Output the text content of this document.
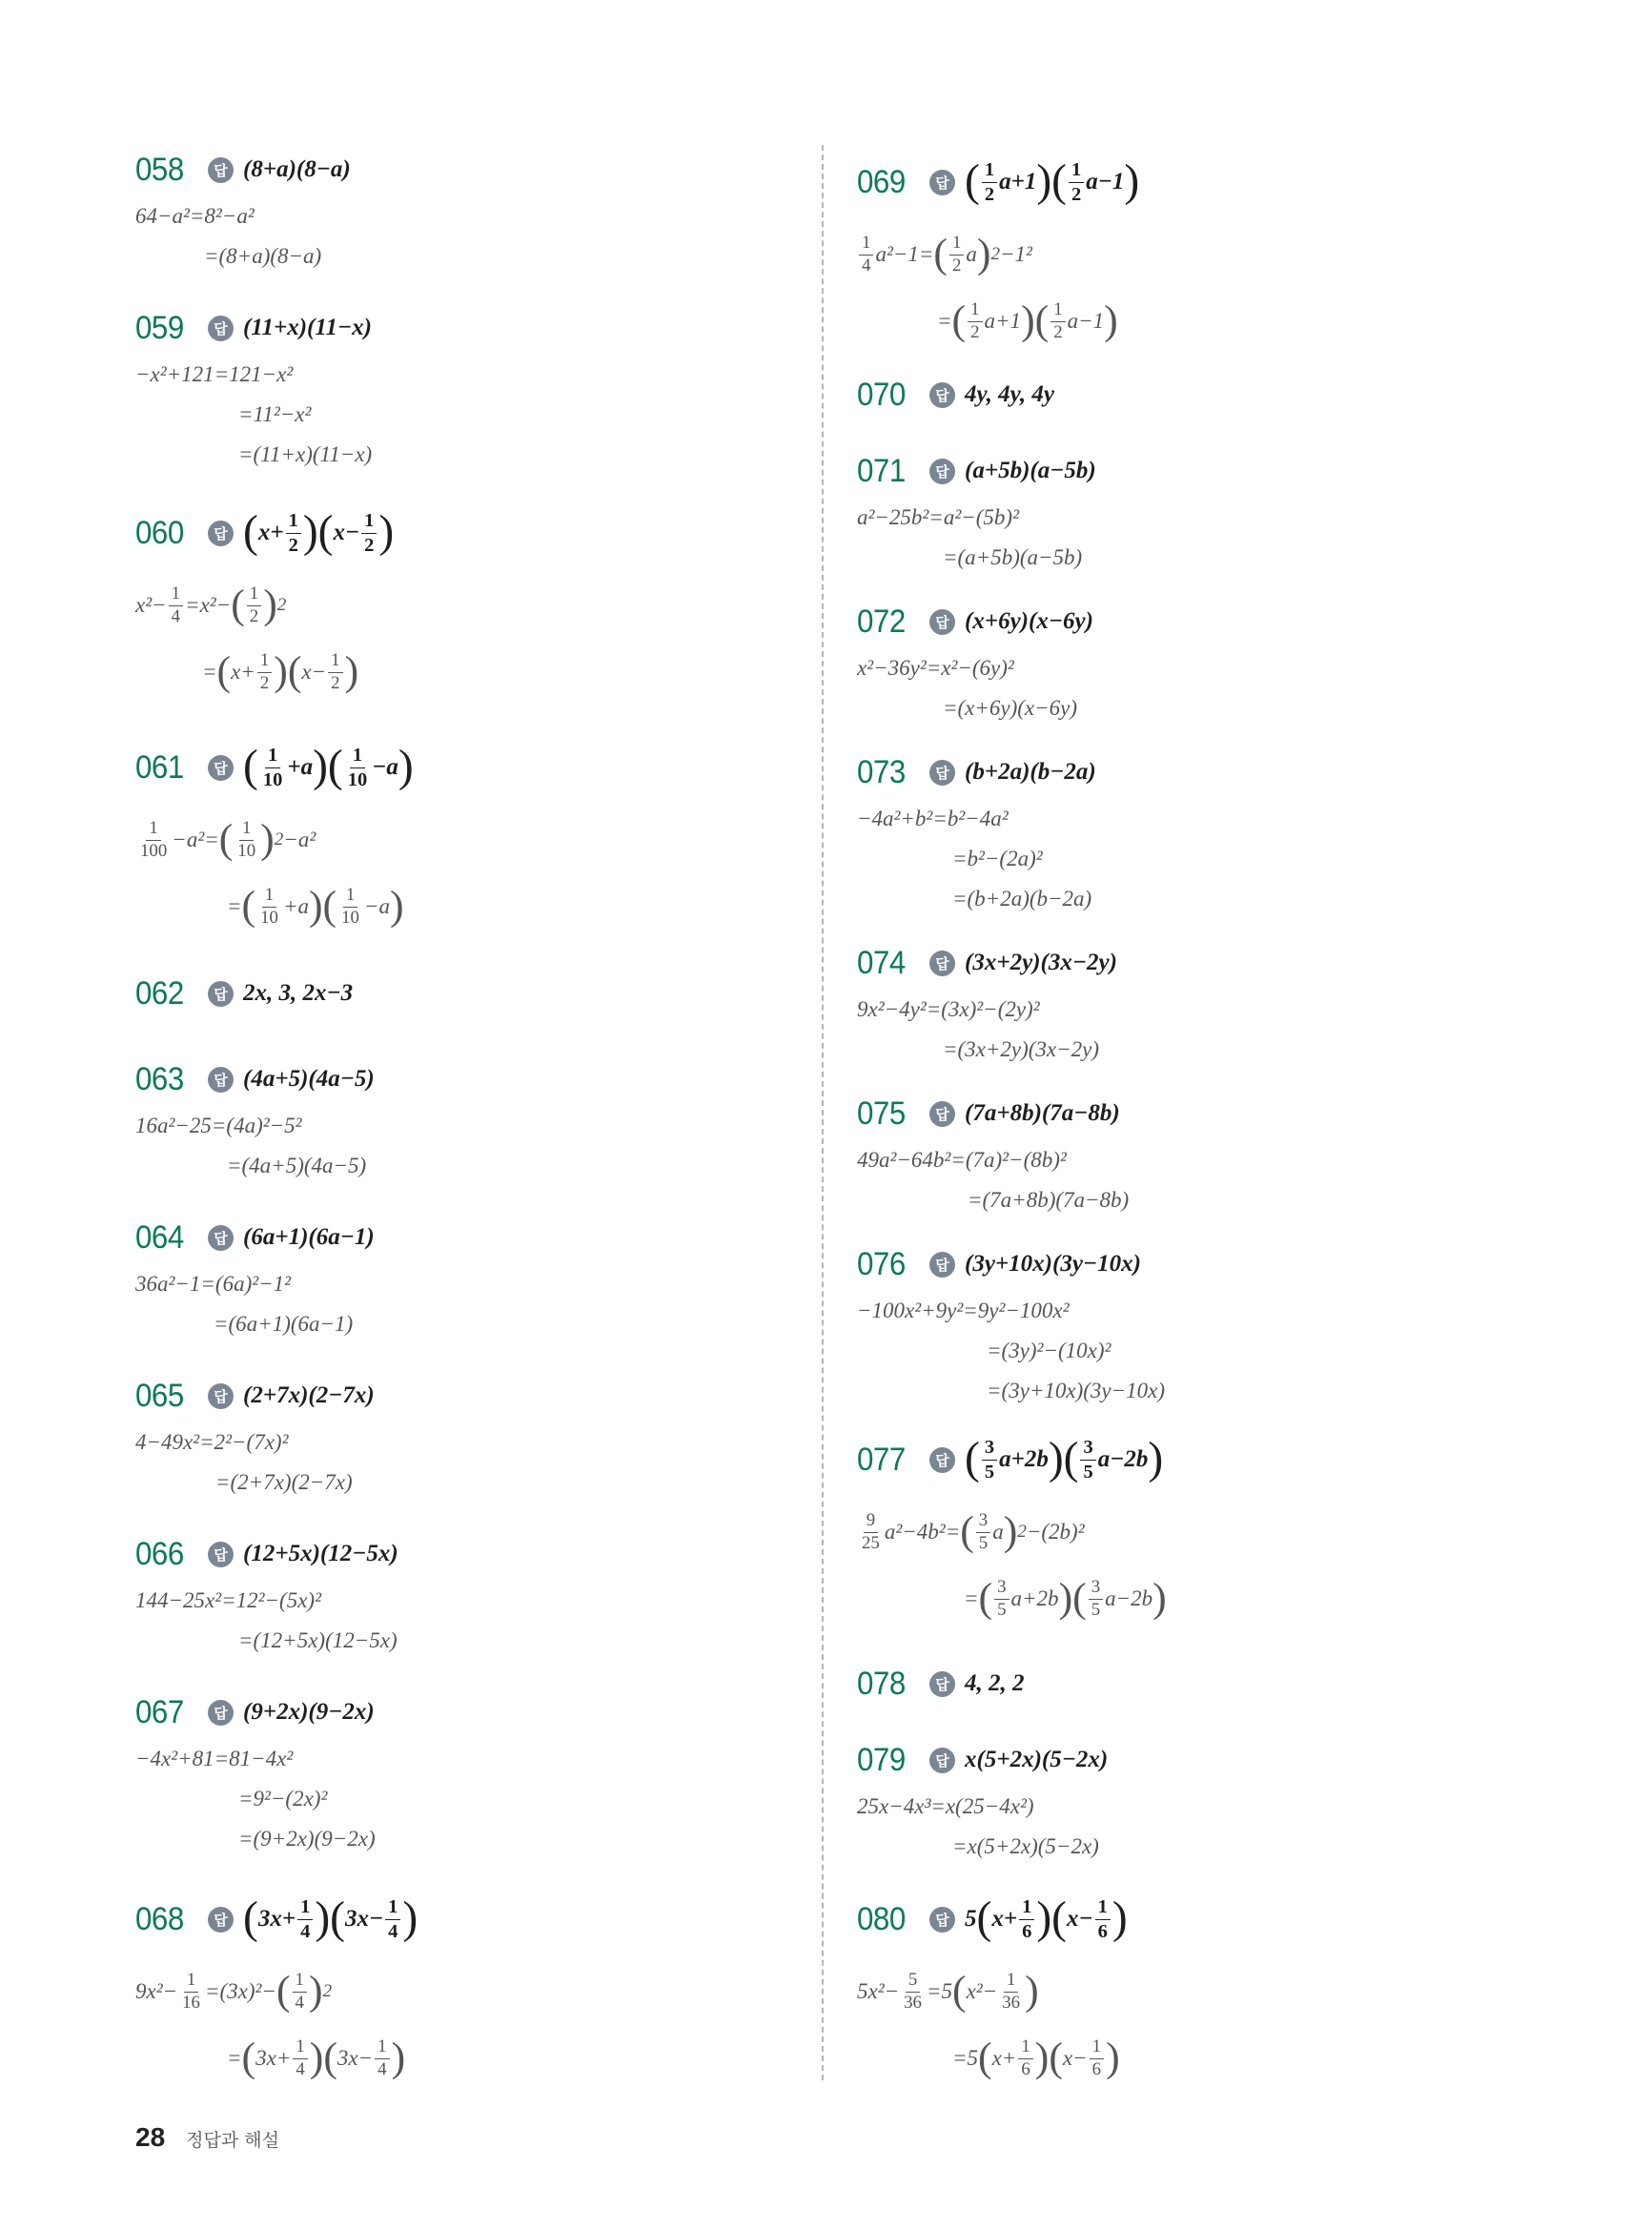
058	답 (8+a)(8−a)
64−a²=8²−a²
=(8+a)(8−a)
059	답 (11+x)(11−x)
−x²+121=121−x²
=11²−x²
=(11+x)(11−x)
060	답 ( $x+ \frac{1}{2}$ ) ( $x- \frac{1}{2}$ )
$x^2- \frac{1}{4} =x^2-$ ( 1
2 ) 2
= ( $x+ \frac{1}{2}$ ) ( $x- \frac{1}{2}$ )
061	답 ( 1
10 +a ) ( 1
10 −a )
1
100 −a²= ( 1
10 ) 2 −a²
= ( 1
10 +a ) ( 1
10 −a )
062	답 2x, 3, 2x−3
063	답 (4a+5)(4a−5)
16a²−25=(4a)²−5²
=(4a+5)(4a−5)
064	답 (6a+1)(6a−1)
36a²−1=(6a)²−1²
=(6a+1)(6a−1)
065	답 (2+7x)(2−7x)
4−49x²=2²−(7x)²
=(2+7x)(2−7x)
066	답 (12+5x)(12−5x)
144−25x²=12²−(5x)²
=(12+5x)(12−5x)
067	답 (9+2x)(9−2x)
−4x²+81=81−4x²
=9²−(2x)²
=(9+2x)(9−2x)
068	답 ( $3x+ \frac{1}{4}$ ) ( $3x- \frac{1}{4}$ )
$9x^2- \frac{1}{16} =(3x)^2-$ ( 1
4 ) 2
= ( $3x+ \frac{1}{4}$ ) ( $3x- \frac{1}{4}$ )
069	답 ( 1
2 a+1 ) ( 1
2 a−1 )
1
4 a²−1= ( 1
2 a ) 2 −1²
= ( 1
2 a+1 ) ( 1
2 a−1 )
070	답 4y, 4y, 4y
071	답 (a+5b)(a−5b)
a²−25b²=a²−(5b)²
=(a+5b)(a−5b)
072	답 (x+6y)(x−6y)
x²−36y²=x²−(6y)²
=(x+6y)(x−6y)
073	답 (b+2a)(b−2a)
−4a²+b²=b²−4a²
=b²−(2a)²
=(b+2a)(b−2a)
074	답 (3x+2y)(3x−2y)
9x²−4y²=(3x)²−(2y)²
=(3x+2y)(3x−2y)
075	답 (7a+8b)(7a−8b)
49a²−64b²=(7a)²−(8b)²
=(7a+8b)(7a−8b)
076	답 (3y+10x)(3y−10x)
−100x²+9y²=9y²−100x²
=(3y)²−(10x)²
=(3y+10x)(3y−10x)
077	답 ( 3
5 a+2b ) ( 3
5 a−2b )
9
25 a²−4b²= ( 3
5 a ) 2 −(2b)²
= ( 3
5 a+2b ) ( 3
5 a−2b )
078	답 4, 2, 2
079	답 x(5+2x)(5−2x)
25x−4x³=x(25−4x²)
=x(5+2x)(5−2x)
080	답 5 ( $x+ \frac{1}{6}$ ) ( $x- \frac{1}{6}$ )
$5x^2- \frac{5}{36} =5$ ( $x^2- \frac{1}{36}$ )
=5 ( $x+ \frac{1}{6}$ ) ( $x- \frac{1}{6}$ )
28 정답과 해설
